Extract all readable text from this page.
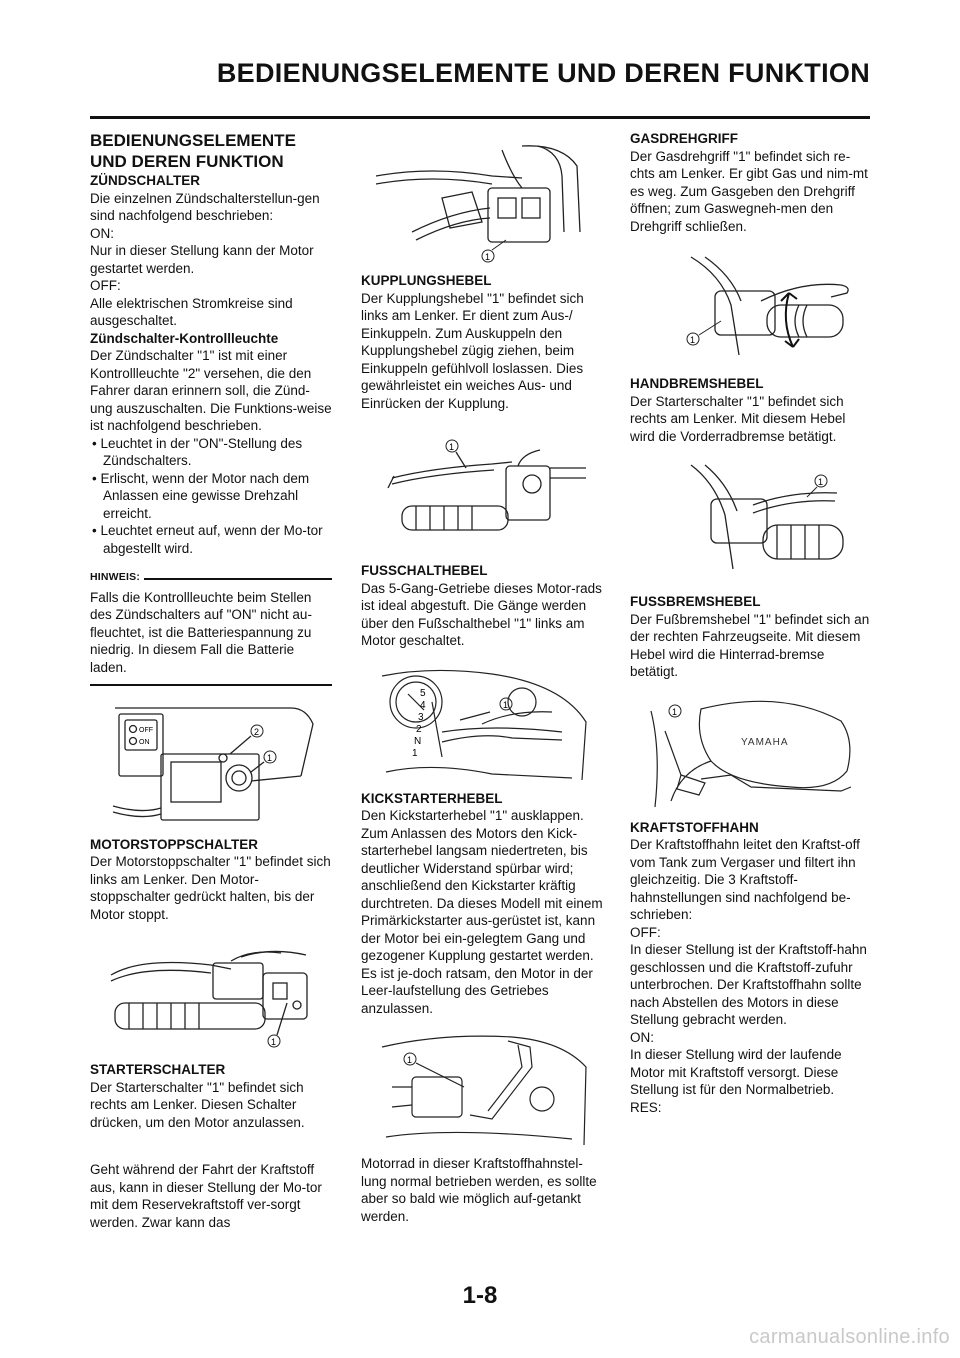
BEDIENUNGSELEMENTE UND DEREN FUNKTION

BEDIENUNGSELEMENTE UND DEREN FUNKTION

ZÜNDSCHALTER

Die einzelnen Zündschalterstellun-gen sind nachfolgend beschrieben:

ON:

Nur in dieser Stellung kann der Motor gestartet werden.

OFF:

Alle elektrischen Stromkreise sind ausgeschaltet.

Zündschalter-Kontrollleuchte

Der Zündschalter "1" ist mit einer Kontrollleuchte "2" versehen, die den Fahrer daran erinnern soll, die Zünd-ung auszuschalten. Die Funktions-weise ist nachfolgend beschrieben.

• Leuchtet in der "ON"-Stellung des Zündschalters.

• Erlischt, wenn der Motor nach dem Anlassen eine gewisse Drehzahl erreicht.

• Leuchtet erneut auf, wenn der Mo-tor abgestellt wird.

HINWEIS:

Falls die Kontrollleuchte beim Stellen des Zündschalters auf "ON" nicht au-fleuchtet, ist die Batteriespannung zu niedrig. In diesem Fall die Batterie laden.

OFF
ON
2
1

MOTORSTOPPSCHALTER

Der Motorstoppschalter "1" befindet sich links am Lenker. Den Motor-stoppschalter gedrückt halten, bis der Motor stoppt.

1

STARTERSCHALTER

Der Starterschalter "1" befindet sich rechts am Lenker. Diesen Schalter drücken, um den Motor anzulassen.

Geht während der Fahrt der Kraftstoff aus, kann in dieser Stellung der Mo-tor mit dem Reservekraftstoff ver-sorgt werden. Zwar kann das

1

KUPPLUNGSHEBEL

Der Kupplungshebel "1" befindet sich links am Lenker. Er dient zum Aus-/ Einkuppeln. Zum Auskuppeln den Kupplungshebel zügig ziehen, beim Einkuppeln gefühlvoll loslassen. Dies gewährleistet ein weiches Aus- und Einrücken der Kupplung.

1

FUSSCHALTHEBEL

Das 5-Gang-Getriebe dieses Motor-rads ist ideal abgestuft. Die Gänge werden über den Fußschalthebel "1" links am Motor geschaltet.

5
4
3
2
N
1
1

KICKSTARTERHEBEL

Den Kickstarterhebel "1" ausklappen. Zum Anlassen des Motors den Kick-starterhebel langsam niedertreten, bis deutlicher Widerstand spürbar wird; anschließend den Kickstarter kräftig durchtreten. Da dieses Modell mit einem Primärkickstarter aus-gerüstet ist, kann der Motor bei ein-gelegtem Gang und gezogener Kupplung gestartet werden. Es ist je-doch ratsam, den Motor in der Leer-laufstellung des Getriebes anzulassen.

1

Motorrad in dieser Kraftstoffhahnstel-lung normal betrieben werden, es sollte aber so bald wie möglich auf-getankt werden.

GASDREHGRIFF

Der Gasdrehgriff "1" befindet sich re-chts am Lenker. Er gibt Gas und nim-mt es weg. Zum Gasgeben den Drehgriff öffnen; zum Gaswegneh-men den Drehgriff schließen.

1

HANDBREMSHEBEL

Der Starterschalter "1" befindet sich rechts am Lenker. Mit diesem Hebel wird die Vorderradbremse betätigt.

1

FUSSBREMSHEBEL

Der Fußbremshebel "1" befindet sich an der rechten Fahrzeugseite. Mit diesem Hebel wird die Hinterrad-bremse betätigt.

YAMAHA
1

KRAFTSTOFFHAHN

Der Kraftstoffhahn leitet den Kraftst-off vom Tank zum Vergaser und filtert ihn gleichzeitig. Die 3 Kraftstoff-hahnstellungen sind nachfolgend be-schrieben:

OFF:

In dieser Stellung ist der Kraftstoff-hahn geschlossen und die Kraftstoff-zufuhr unterbrochen. Der Kraftstoffhahn sollte nach Abstellen des Motors in diese Stellung gebracht werden.

ON:

In dieser Stellung wird der laufende Motor mit Kraftstoff versorgt. Diese Stellung ist für den Normalbetrieb.

RES:

1-8
carmanualsonline.info
